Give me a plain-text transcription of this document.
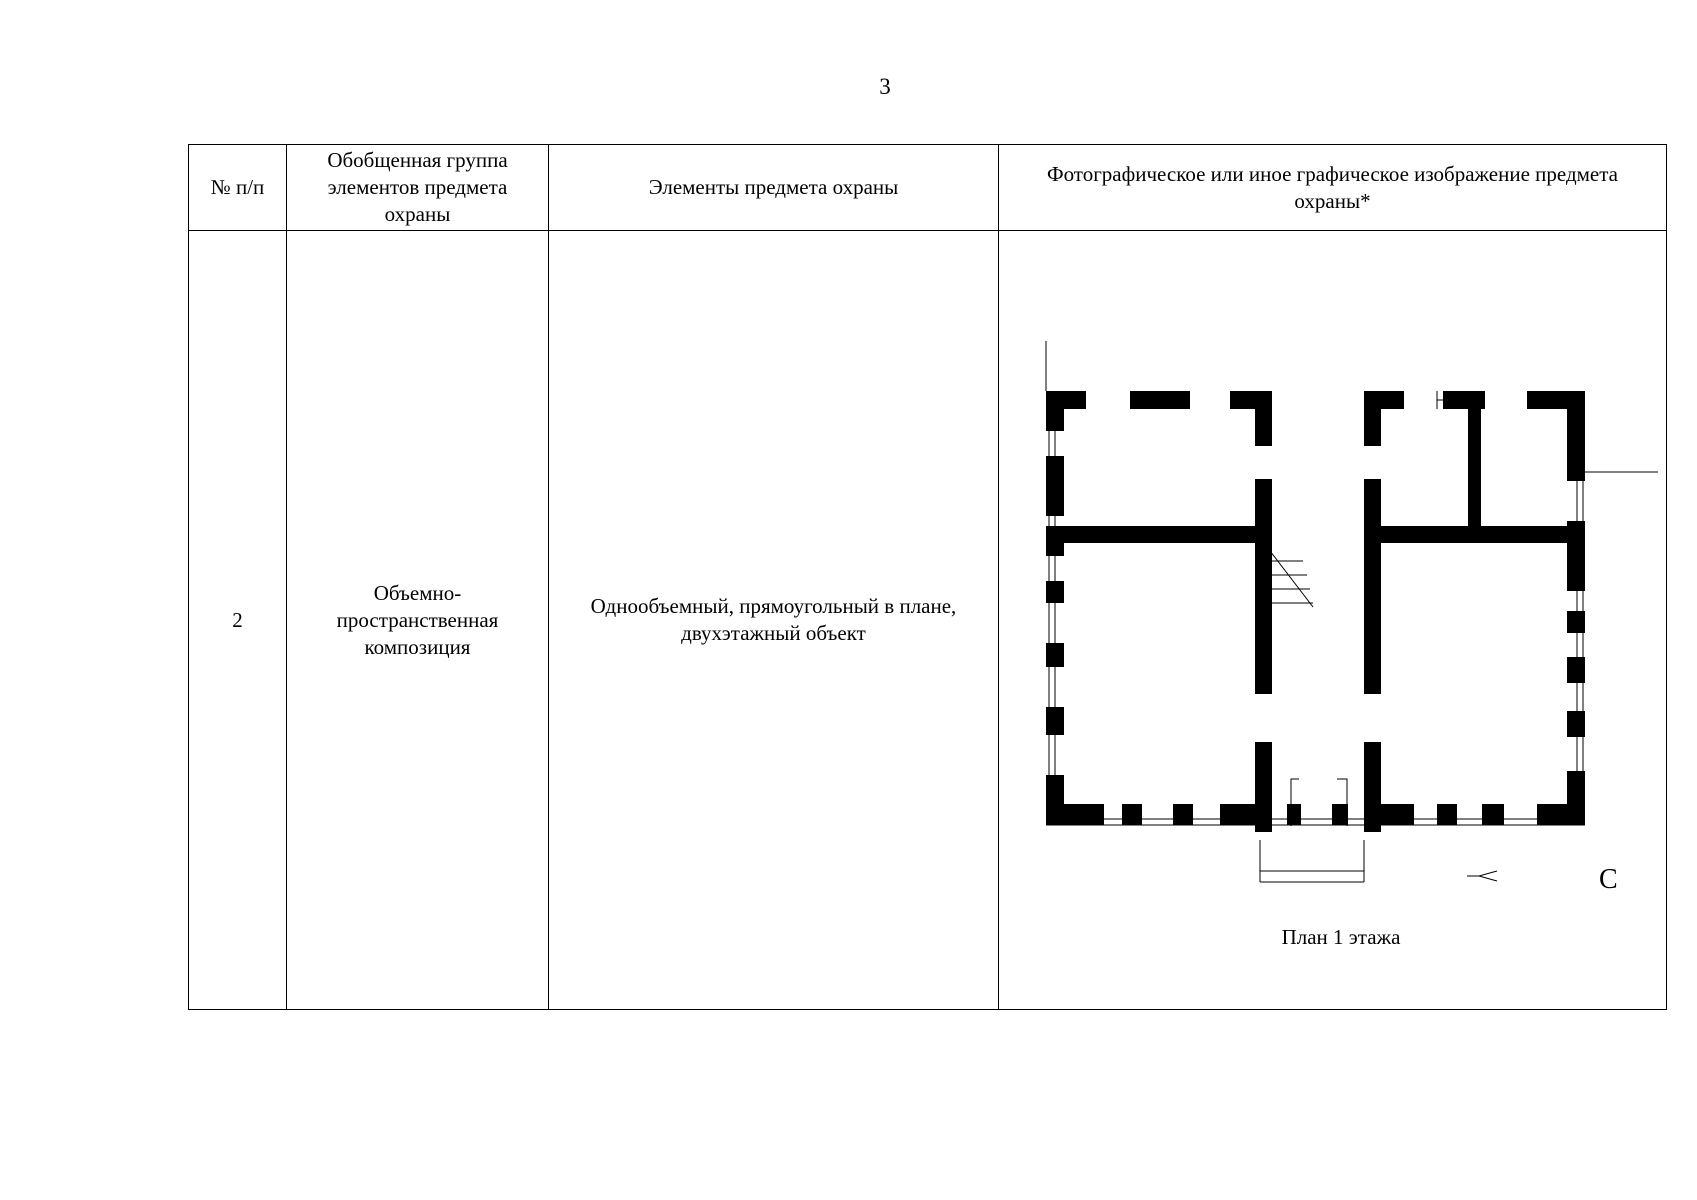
3
№ п/п	Обобщенная группа элементов предмета охраны	Элементы предмета охраны	Фотографическое или иное графическое изображение предмета охраны*
2	Объемно-пространственная композиция	Однообъемный, прямоугольный в плане, двухэтажный объект	С
План 1 этажа
